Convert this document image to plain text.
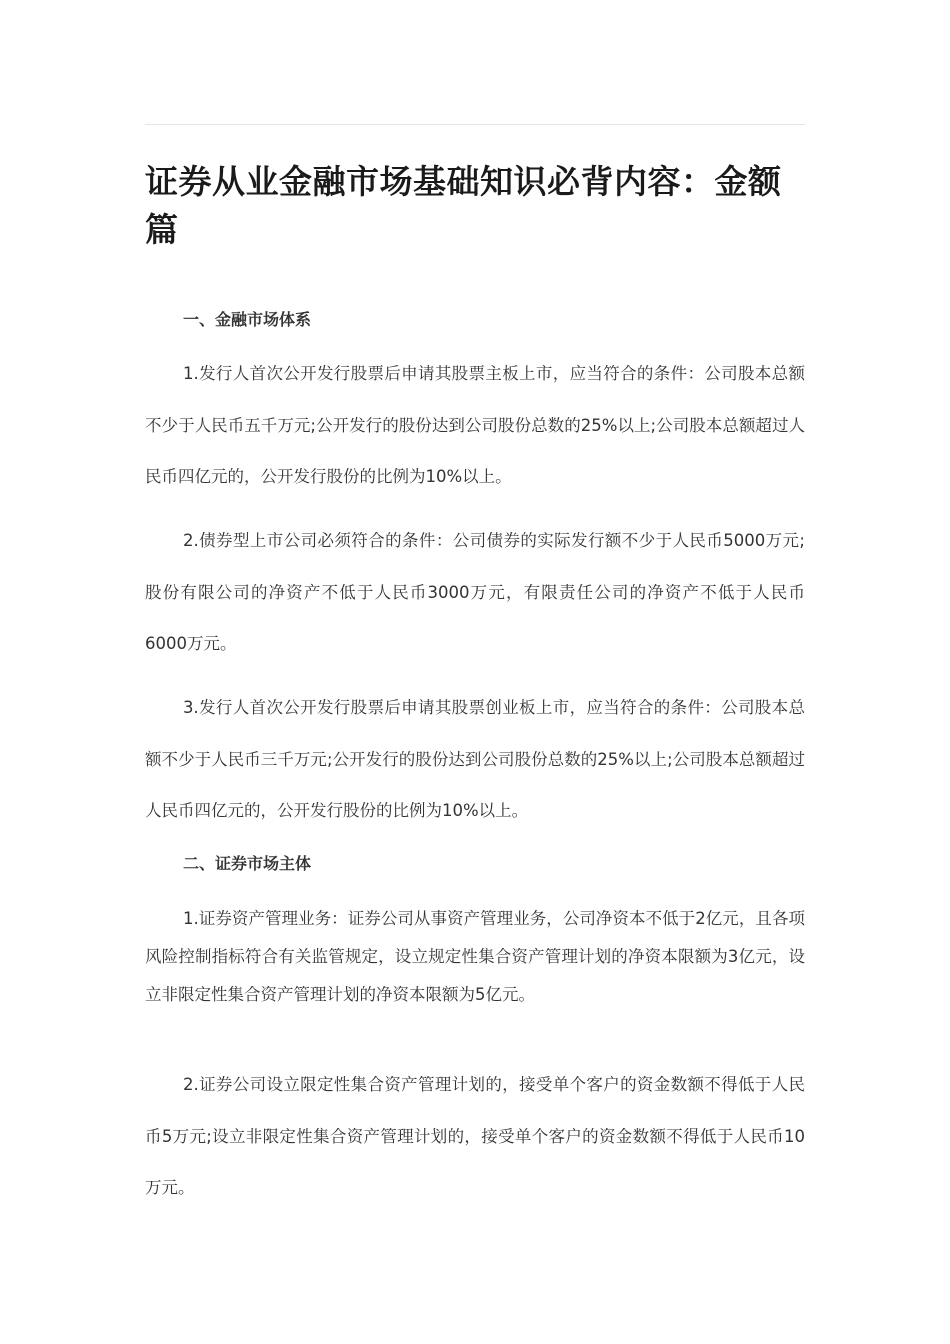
证券从业金融市场基础知识必背内容：金额篇
一、金融市场体系

1.发行人首次公开发行股票后申请其股票主板上市，应当符合的条件：公司股本总额不少于人民币五千万元;公开发行的股份达到公司股份总数的25%以上;公司股本总额超过人民币四亿元的，公开发行股份的比例为10%以上。

2.债券型上市公司必须符合的条件：公司债券的实际发行额不少于人民币5000万元;股份有限公司的净资产不低于人民币3000万元，有限责任公司的净资产不低于人民币6000万元。

3.发行人首次公开发行股票后申请其股票创业板上市，应当符合的条件：公司股本总额不少于人民币三千万元;公开发行的股份达到公司股份总数的25%以上;公司股本总额超过人民币四亿元的，公开发行股份的比例为10%以上。

二、证券市场主体

1.证券资产管理业务：证券公司从事资产管理业务，公司净资本不低于2亿元，且各项风险控制指标符合有关监管规定，设立规定性集合资产管理计划的净资本限额为3亿元，设立非限定性集合资产管理计划的净资本限额为5亿元。

2.证券公司设立限定性集合资产管理计划的，接受单个客户的资金数额不得低于人民币5万元;设立非限定性集合资产管理计划的，接受单个客户的资金数额不得低于人民币10万元。
